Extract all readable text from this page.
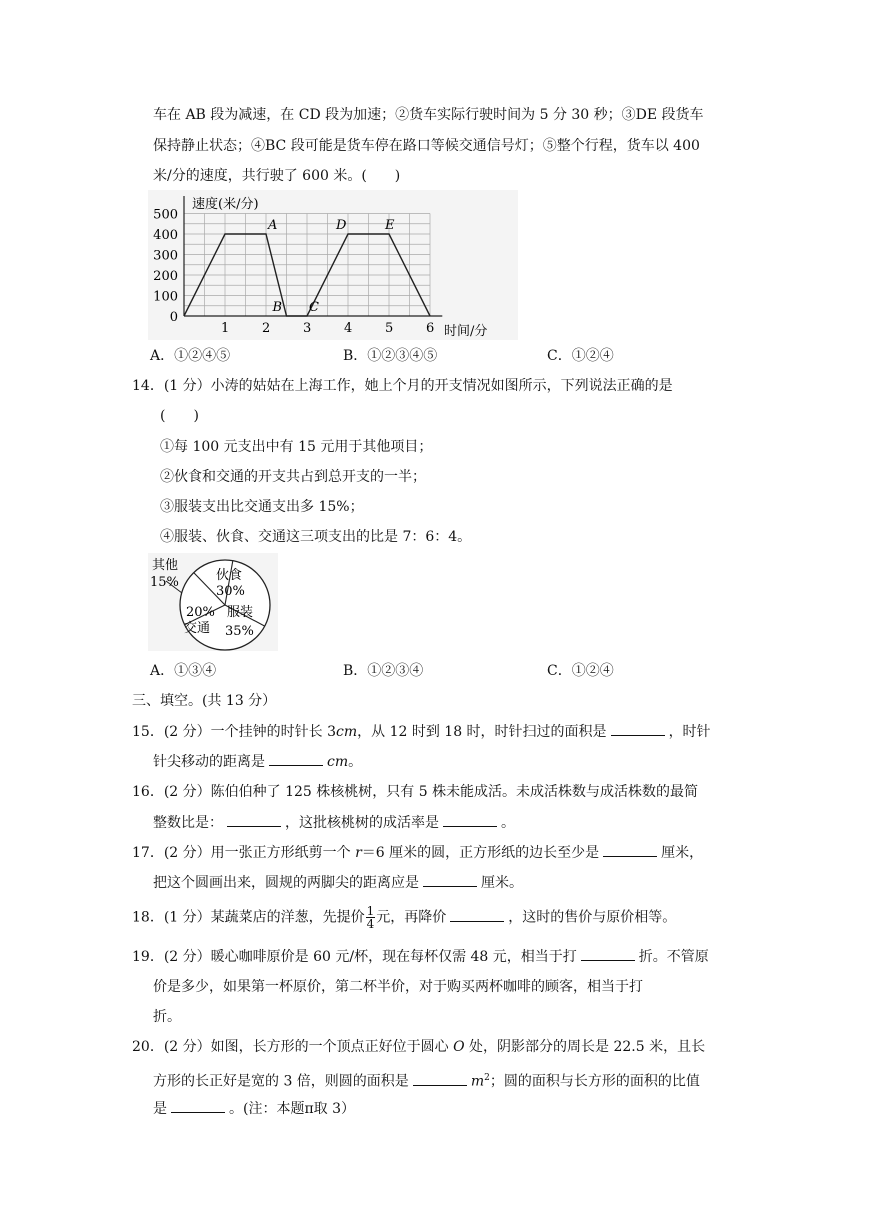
车在 AB 段为减速，在 CD 段为加速；②货车实际行驶时间为 5 分 30 秒；③DE 段货车
保持静止状态；④BC 段可能是货车停在路口等候交通信号灯；⑤整个行程，货车以 400
米/分的速度，共行驶了 600 米。(　　)
1	2	3	4	5	6
0
100
200
300
400
500
A
B C
D	E
速度(米/分)
时间/分
A．①②④⑤	B．①②③④⑤	C．①②④
14．(1 分）小涛的姑姑在上海工作，她上个月的开支情况如图所示，下列说法正确的是
(　　)
①每 100 元支出中有 15 元用于其他项目；
②伙食和交通的开支共占到总开支的一半；
③服装支出比交通支出多 15%；
④服装、伙食、交通这三项支出的比是 7：6：4。
其他
15%	伙食
30%
服装
35%
20%
交通
A．①③④	B．①②③④	C．①②④
三、填空。(共 13 分）
15．(2 分）一个挂钟的时针长 3cm，从 12 时到 18 时，时针扫过的面积是	，时针
针尖移动的距离是	cm。
16．(2 分）陈伯伯种了 125 株核桃树，只有 5 株未能成活。未成活株数与成活株数的最简
整数比是：	，这批核桃树的成活率是	。
17．(2 分）用一张正方形纸剪一个 r＝6 厘米的圆，正方形纸的边长至少是	厘米，
把这个圆画出来，圆规的两脚尖的距离应是	厘米。
18．(1 分）某蔬菜店的洋葱，先提价 $\frac{1}{4}$ 元，再降价	，这时的售价与原价相等。
19．(2 分）暖心咖啡原价是 60 元/杯，现在每杯仅需 48 元，相当于打	折。不管原
价是多少，如果第一杯原价，第二杯半价，对于购买两杯咖啡的顾客，相当于打
折。
20．(2 分）如图，长方形的一个顶点正好位于圆心 O 处，阴影部分的周长是 22.5 米，且长
方形的长正好是宽的 3 倍，则圆的面积是	$m^2$；圆的面积与长方形的面积的比值
是	。(注：本题π取 3）
